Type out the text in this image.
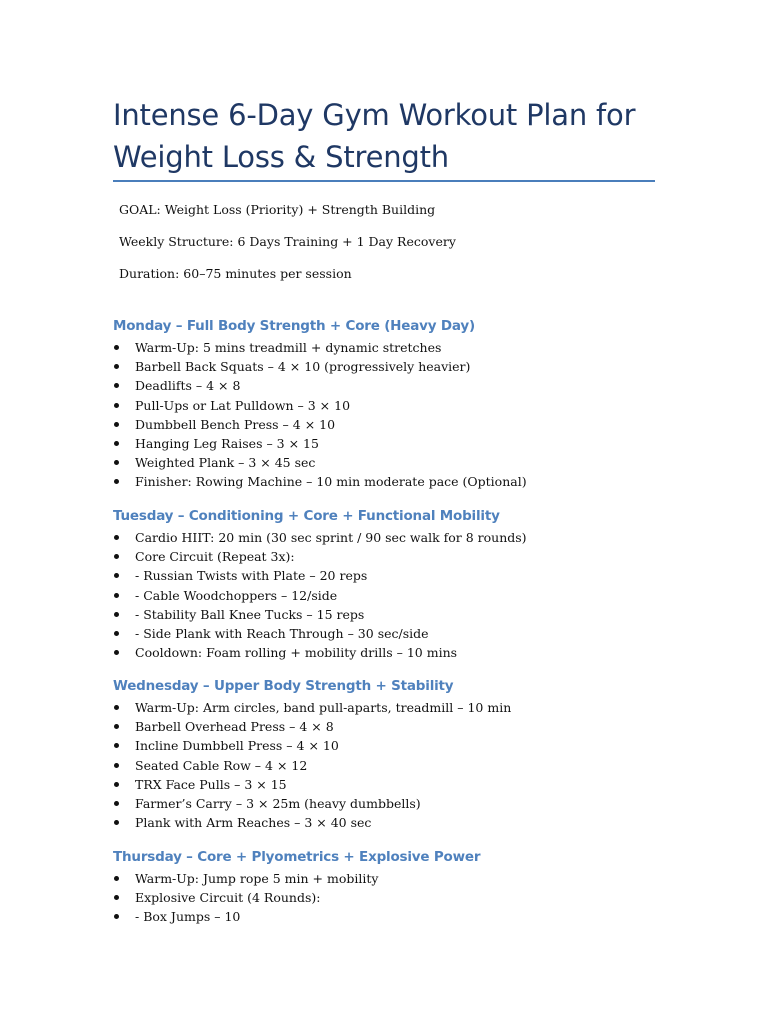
Intense 6-Day Gym Workout Plan for
Weight Loss & Strength

GOAL: Weight Loss (Priority) + Strength Building

Weekly Structure: 6 Days Training + 1 Day Recovery

Duration: 60–75 minutes per session

Monday – Full Body Strength + Core (Heavy Day)
Warm-Up: 5 mins treadmill + dynamic stretches
Barbell Back Squats – 4 × 10 (progressively heavier)
Deadlifts – 4 × 8
Pull-Ups or Lat Pulldown – 3 × 10
Dumbbell Bench Press – 4 × 10
Hanging Leg Raises – 3 × 15
Weighted Plank – 3 × 45 sec
Finisher: Rowing Machine – 10 min moderate pace (Optional)
Tuesday – Conditioning + Core + Functional Mobility
Cardio HIIT: 20 min (30 sec sprint / 90 sec walk for 8 rounds)
Core Circuit (Repeat 3x):
- Russian Twists with Plate – 20 reps
- Cable Woodchoppers – 12/side
- Stability Ball Knee Tucks – 15 reps
- Side Plank with Reach Through – 30 sec/side
Cooldown: Foam rolling + mobility drills – 10 mins
Wednesday – Upper Body Strength + Stability
Warm-Up: Arm circles, band pull-aparts, treadmill – 10 min
Barbell Overhead Press – 4 × 8
Incline Dumbbell Press – 4 × 10
Seated Cable Row – 4 × 12
TRX Face Pulls – 3 × 15
Farmer’s Carry – 3 × 25m (heavy dumbbells)
Plank with Arm Reaches – 3 × 40 sec
Thursday – Core + Plyometrics + Explosive Power
Warm-Up: Jump rope 5 min + mobility
Explosive Circuit (4 Rounds):
- Box Jumps – 10
